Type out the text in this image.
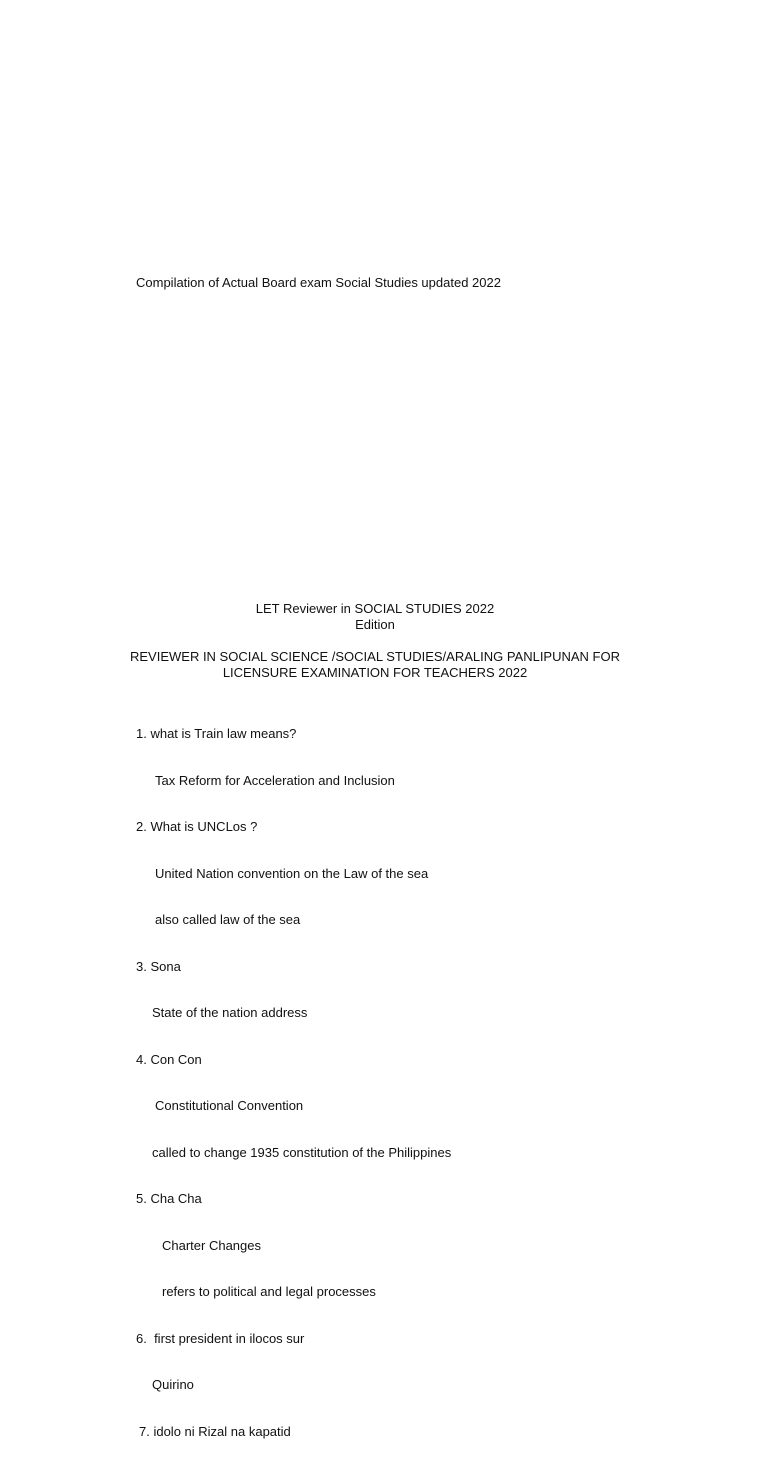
Compilation of Actual Board exam Social Studies updated 2022
LET Reviewer in SOCIAL STUDIES 2022
Edition
REVIEWER IN SOCIAL SCIENCE /SOCIAL STUDIES/ARALING PANLIPUNAN FOR
LICENSURE EXAMINATION FOR TEACHERS 2022

1. what is Train law means?

Tax Reform for Acceleration and Inclusion

2. What is UNCLos ?

United Nation convention on the Law of the sea

also called law of the sea

3. Sona

State of the nation address

4. Con Con

Constitutional Convention

called to change 1935 constitution of the Philippines

5. Cha Cha

Charter Changes

refers to political and legal processes

6.  first president in ilocos sur

Quirino

7. idolo ni Rizal na kapatid
